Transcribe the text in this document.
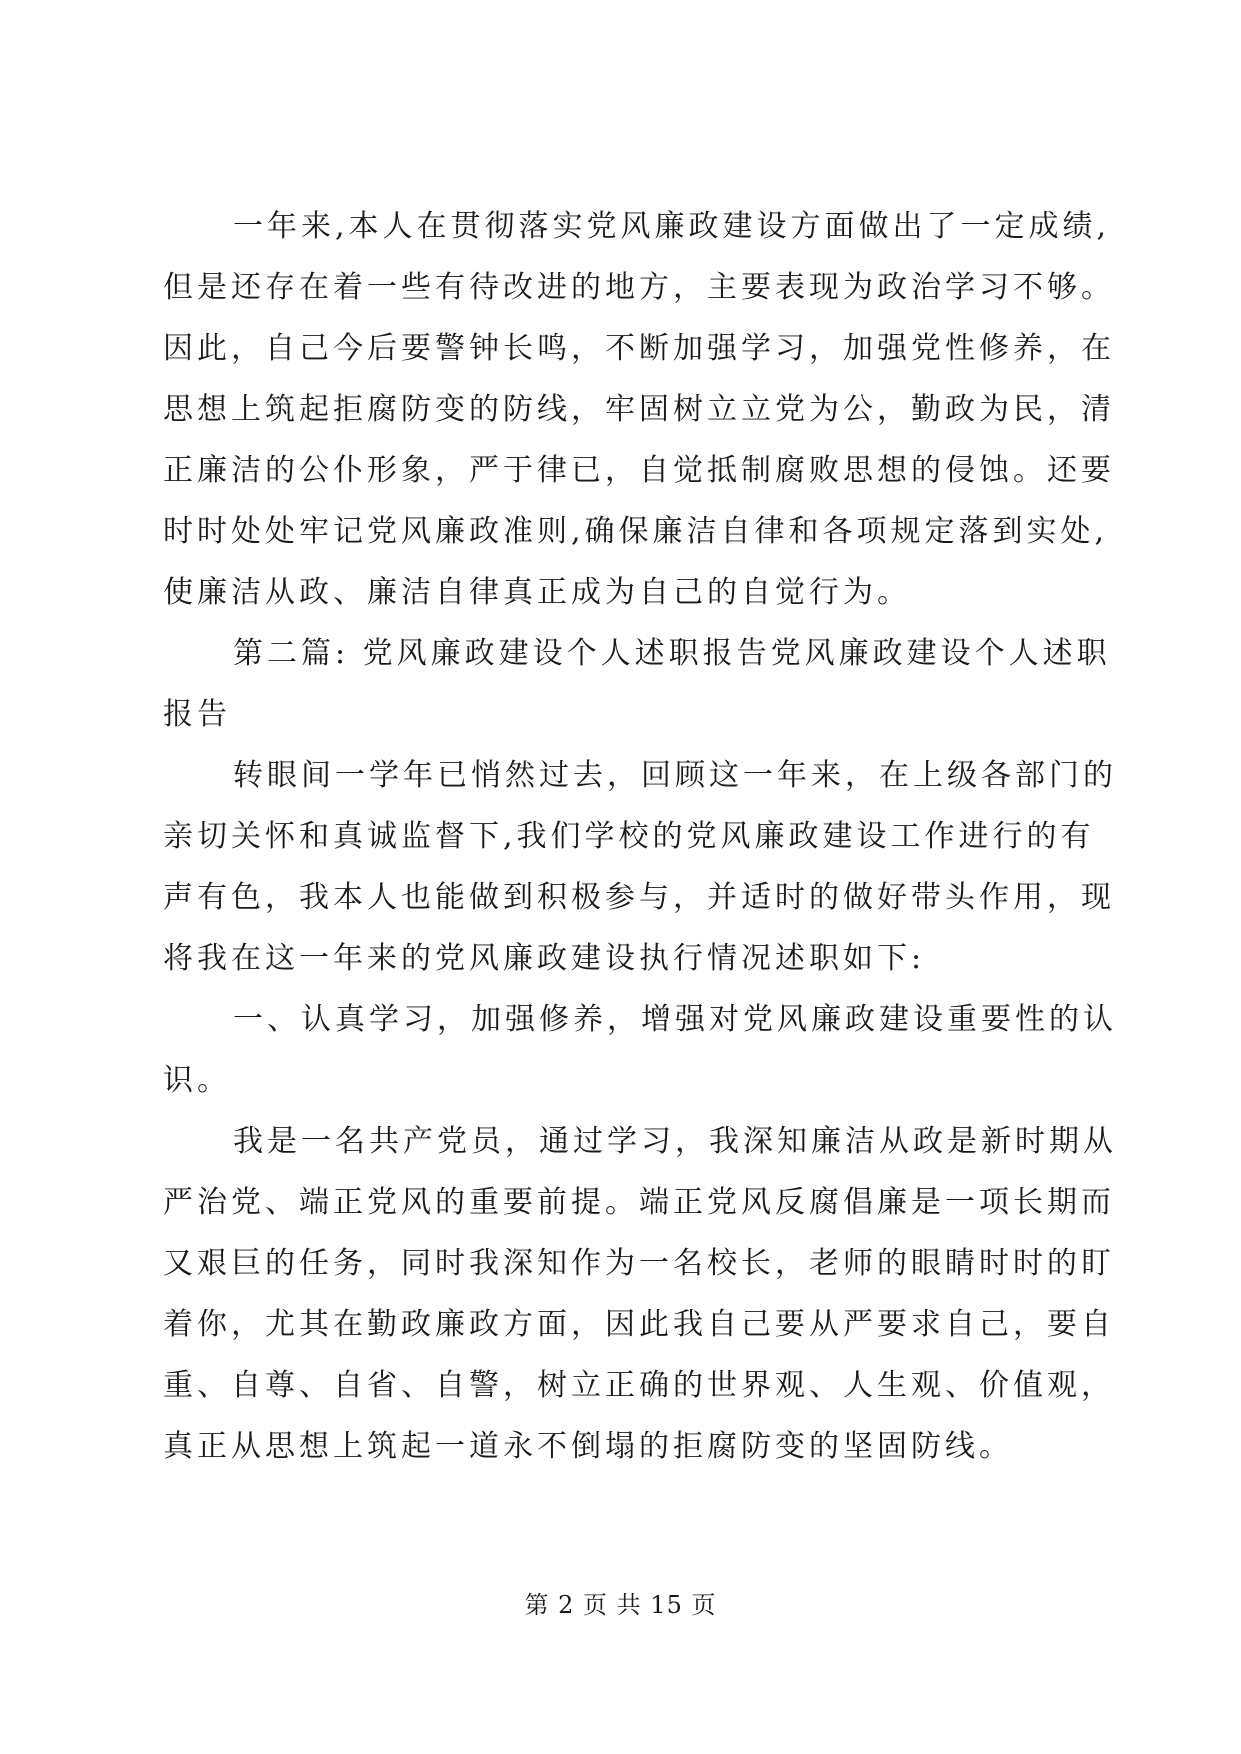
一年来,本人在贯彻落实党风廉政建设方面做出了一定成绩,
但是还存在着一些有待改进的地方，主要表现为政治学习不够。
因此，自己今后要警钟长鸣，不断加强学习，加强党性修养，在
思想上筑起拒腐防变的防线，牢固树立立党为公，勤政为民，清
正廉洁的公仆形象，严于律已，自觉抵制腐败思想的侵蚀。还要
时时处处牢记党风廉政准则,确保廉洁自律和各项规定落到实处,
使廉洁从政、廉洁自律真正成为自己的自觉行为。
第二篇: 党风廉政建设个人述职报告党风廉政建设个人述职
报告
转眼间一学年已悄然过去，回顾这一年来，在上级各部门的
亲切关怀和真诚监督下,我们学校的党风廉政建设工作进行的有
声有色，我本人也能做到积极参与，并适时的做好带头作用，现
将我在这一年来的党风廉政建设执行情况述职如下:
一、认真学习，加强修养，增强对党风廉政建设重要性的认
识。
我是一名共产党员，通过学习，我深知廉洁从政是新时期从
严治党、端正党风的重要前提。端正党风反腐倡廉是一项长期而
又艰巨的任务，同时我深知作为一名校长，老师的眼睛时时的盯
着你，尤其在勤政廉政方面，因此我自己要从严要求自己，要自
重、自尊、自省、自警，树立正确的世界观、人生观、价值观，
真正从思想上筑起一道永不倒塌的拒腐防变的坚固防线。
第 2 页 共 15 页
